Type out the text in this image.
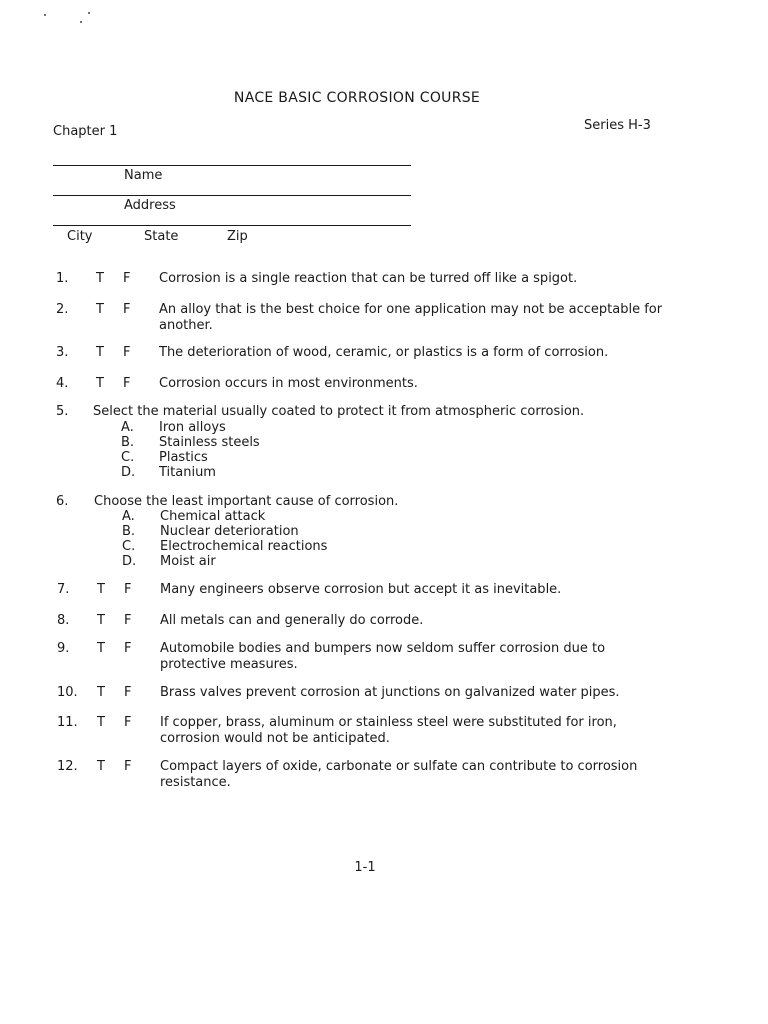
NACE BASIC CORROSION COURSE
Chapter 1	Series H-3
Name
Address
City	State	Zip
1. T F Corrosion is a single reaction that can be turred off like a spigot.
2. T F An alloy that is the best choice for one application may not be acceptable for another.
3. T F The deterioration of wood, ceramic, or plastics is a form of corrosion.
4. T F Corrosion occurs in most environments.
5. Select the material usually coated to protect it from atmospheric corrosion.
A. Iron alloys
B. Stainless steels
C. Plastics
D. Titanium
6. Choose the least important cause of corrosion.
A. Chemical attack
B. Nuclear deterioration
C. Electrochemical reactions
D. Moist air
7. T F Many engineers observe corrosion but accept it as inevitable.
8. T F All metals can and generally do corrode.
9. T F Automobile bodies and bumpers now seldom suffer corrosion due to protective measures.
10. T F Brass valves prevent corrosion at junctions on galvanized water pipes.
11. T F If copper, brass, aluminum or stainless steel were substituted for iron, corrosion would not be anticipated.
12. T F Compact layers of oxide, carbonate or sulfate can contribute to corrosion resistance.
1-1
